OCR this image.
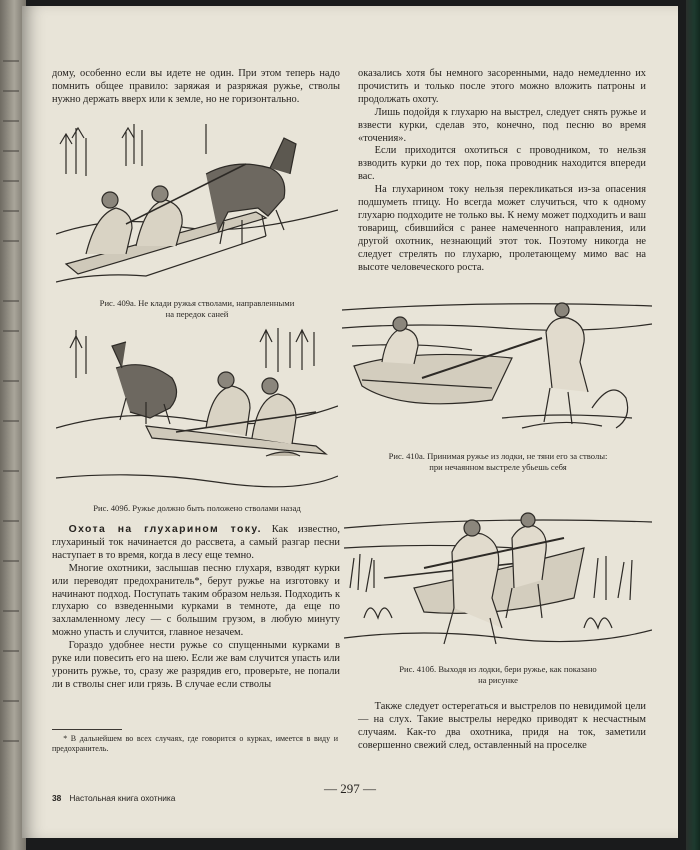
дому, особенно если вы идете не один. При этом теперь надо помнить общее правило: заряжая и разряжая ружье, стволы нужно держать вверх или к земле, но не горизонтально.

Рис. 409а. Не клади ружья стволами, направленными
на передок саней
Рис. 409б. Ружье должно быть положено стволами назад

Охота на глухарином току. Как известно, глухариный ток начинается до рассвета, а самый разгар песни наступает в то время, когда в лесу еще темно.

Многие охотники, заслышав песню глухаря, взводят курки или переводят предохранитель*, берут ружье на изготовку и начинают подход. Поступать таким образом нельзя. Подходить к глухарю со взведенными курками в темноте, да еще по захламленному лесу — с большим грузом, в любую минуту можно упасть и случится, главное незачем.

Гораздо удобнее нести ружье со спущенными курками в руке или повесить его на шею. Если же вам случится упасть или уронить ружье, то, сразу же разрядив его, проверьте, не попали ли в стволы снег или грязь. В случае если стволы

* В дальнейшем во всех случаях, где говорится о курках, имеется в виду и предохранитель.

оказались хотя бы немного засоренными, надо немедленно их прочистить и только после этого можно вложить патроны и продолжать охоту.

Лишь подойдя к глухарю на выстрел, следует снять ружье и взвести курки, сделав это, конечно, под песню во время «точения».

Если приходится охотиться с проводником, то нельзя взводить курки до тех пор, пока проводник находится впереди вас.

На глухарином току нельзя перекликаться из-за опасения подшуметь птицу. Но всегда может случиться, что к одному глухарю подходите не только вы. К нему может подходить и ваш товарищ, сбившийся с ранее намеченного направления, или другой охотник, незнающий этот ток. Поэтому никогда не следует стрелять по глухарю, пролетающему мимо вас на высоте человеческого роста.

Рис. 410а. Принимая ружье из лодки, не тяни его за стволы:
при нечаянном выстреле убьешь себя
Рис. 410б. Выходя из лодки, бери ружье, как показано
на рисунке

Также следует остерегаться и выстрелов по невидимой цели — на слух. Такие выстрелы нередко приводят к несчастным случаям. Как-то два охотника, придя на ток, заметили совершенно свежий след, оставленный на проселке

— 297 —
38 Настольная книга охотника
